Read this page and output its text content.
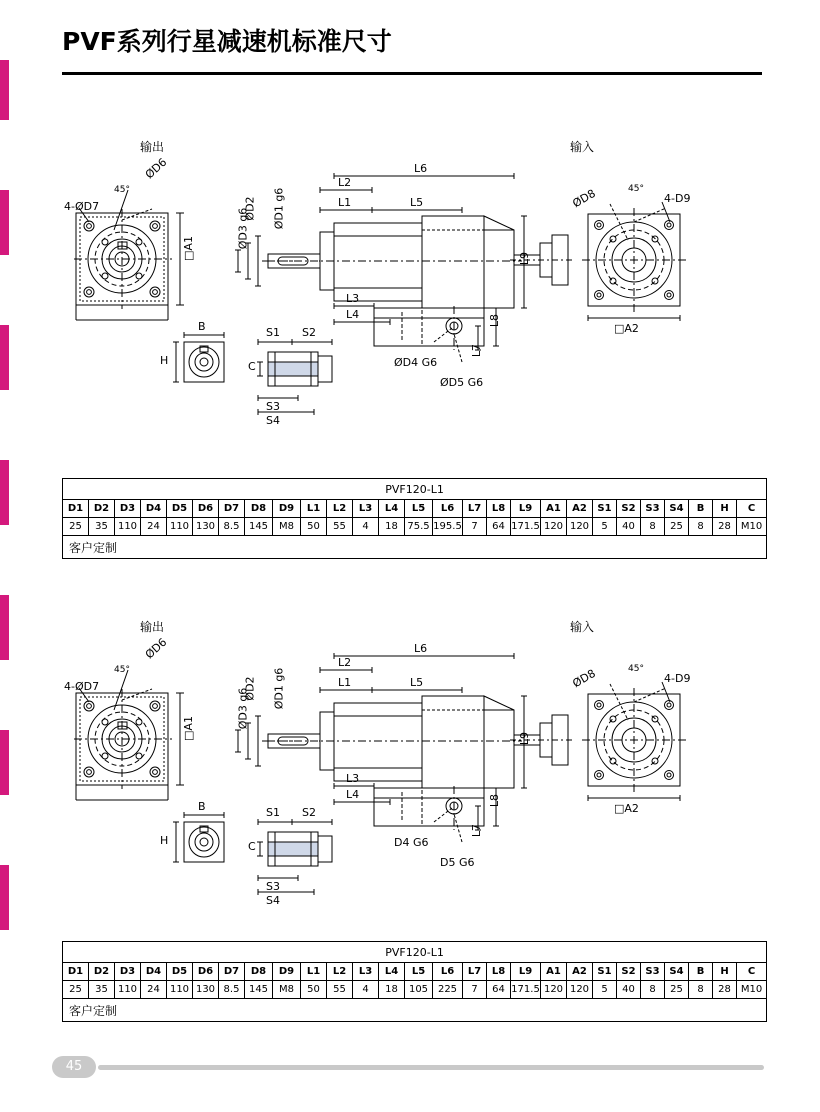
PVF系列行星减速机标准尺寸
输出	输入
4-ØD7
45°
ØD6
□A1
ØD2 ØD1 g6
ØD3 g6
L1
L2
L5
L6
L3
L4
L7
L8
L9
ØD4 G6
ØD5 G6
B
H	C
S1 S2
S3
S4
ØD8	4-D9
□A2
45°
PVF120-L1																										
D1	D2	D3	D4	D5	D6	D7	D8	D9	L1	L2	L3	L4	L5	L6	L7	L8	L9	A1	A2	S1	S2	S3	S4	B	H	C
25	35	110	24	110	130	8.5	145	M8	50	55	4	18	75.5	195.5	7	64	171.5	120	120	5	40	8	25	8	28	M10
客户定制																										
输出	输入
4-ØD7
45°
ØD6
□A1
ØD2 ØD1 g6
ØD3 g6
L1
L2
L5
L6
L3
L4
L7
L8
L9
D4 G6
D5 G6
B
H	C
S1 S2
S3
S4
ØD8	4-D9
□A2
45°
PVF120-L1																										
D1	D2	D3	D4	D5	D6	D7	D8	D9	L1	L2	L3	L4	L5	L6	L7	L8	L9	A1	A2	S1	S2	S3	S4	B	H	C
25	35	110	24	110	130	8.5	145	M8	50	55	4	18	105	225	7	64	171.5	120	120	5	40	8	25	8	28	M10
客户定制																										
45
